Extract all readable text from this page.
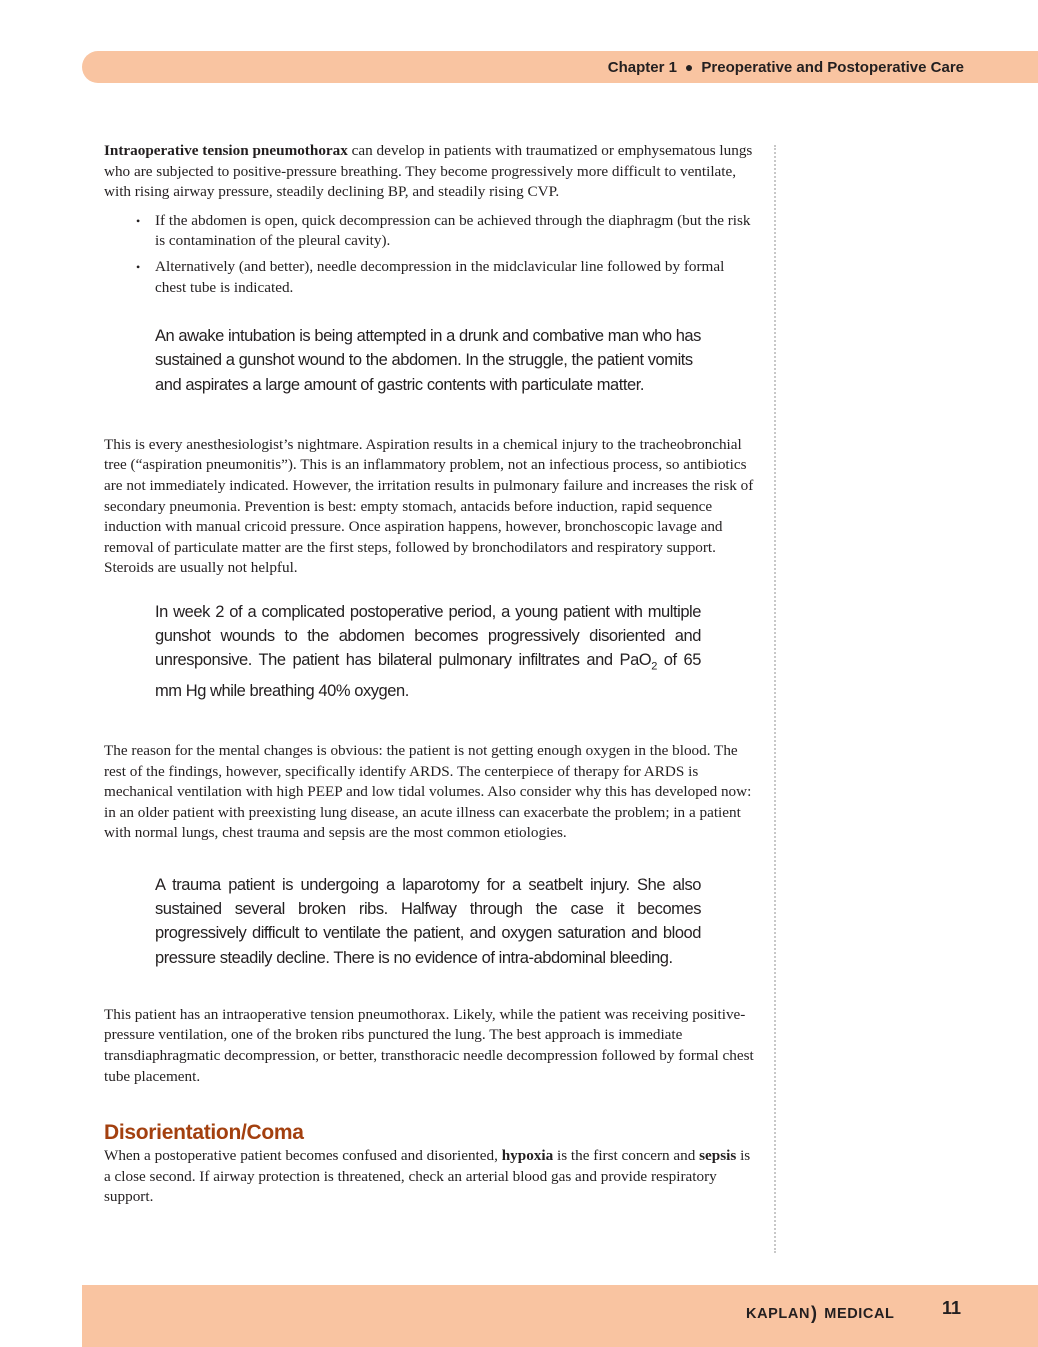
Chapter 1 ● Preoperative and Postoperative Care

Intraoperative tension pneumothorax can develop in patients with traumatized or emphysematous lungs who are subjected to positive-pressure breathing. They become progressively more difficult to ventilate, with rising airway pressure, steadily declining BP, and steadily rising CVP.

• If the abdomen is open, quick decompression can be achieved through the diaphragm (but the risk is contamination of the pleural cavity).
• Alternatively (and better), needle decompression in the midclavicular line followed by formal chest tube is indicated.

An awake intubation is being attempted in a drunk and combative man who has sustained a gunshot wound to the abdomen. In the struggle, the patient vomits and aspirates a large amount of gastric contents with particulate matter.

This is every anesthesiologist’s nightmare. Aspiration results in a chemical injury to the tracheobronchial tree (“aspiration pneumonitis”). This is an inflammatory problem, not an infectious process, so antibiotics are not immediately indicated. However, the irritation results in pulmonary failure and increases the risk of secondary pneumonia. Prevention is best: empty stomach, antacids before induction, rapid sequence induction with manual cricoid pressure. Once aspiration happens, however, bronchoscopic lavage and removal of particulate matter are the first steps, followed by bronchodilators and respiratory support. Steroids are usually not helpful.

In week 2 of a complicated postoperative period, a young patient with multiple gunshot wounds to the abdomen becomes progressively disoriented and unresponsive. The patient has bilateral pulmonary infiltrates and PaO$_2$ of 65 mm Hg while breathing 40% oxygen.

The reason for the mental changes is obvious: the patient is not getting enough oxygen in the blood. The rest of the findings, however, specifically identify ARDS. The centerpiece of therapy for ARDS is mechanical ventilation with high PEEP and low tidal volumes. Also consider why this has developed now: in an older patient with preexisting lung disease, an acute illness can exacerbate the problem; in a patient with normal lungs, chest trauma and sepsis are the most common etiologies.

A trauma patient is undergoing a laparotomy for a seatbelt injury. She also sustained several broken ribs. Halfway through the case it becomes progressively difficult to ventilate the patient, and oxygen saturation and blood pressure steadily decline. There is no evidence of intra-abdominal bleeding.

This patient has an intraoperative tension pneumothorax. Likely, while the patient was receiving positive-pressure ventilation, one of the broken ribs punctured the lung. The best approach is immediate transdiaphragmatic decompression, or better, transthoracic needle decompression followed by formal chest tube placement.

Disorientation/Coma

When a postoperative patient becomes confused and disoriented, hypoxia is the first concern and sepsis is a close second. If airway protection is threatened, check an arterial blood gas and provide respiratory support.

KAPLAN) MEDICAL	11
